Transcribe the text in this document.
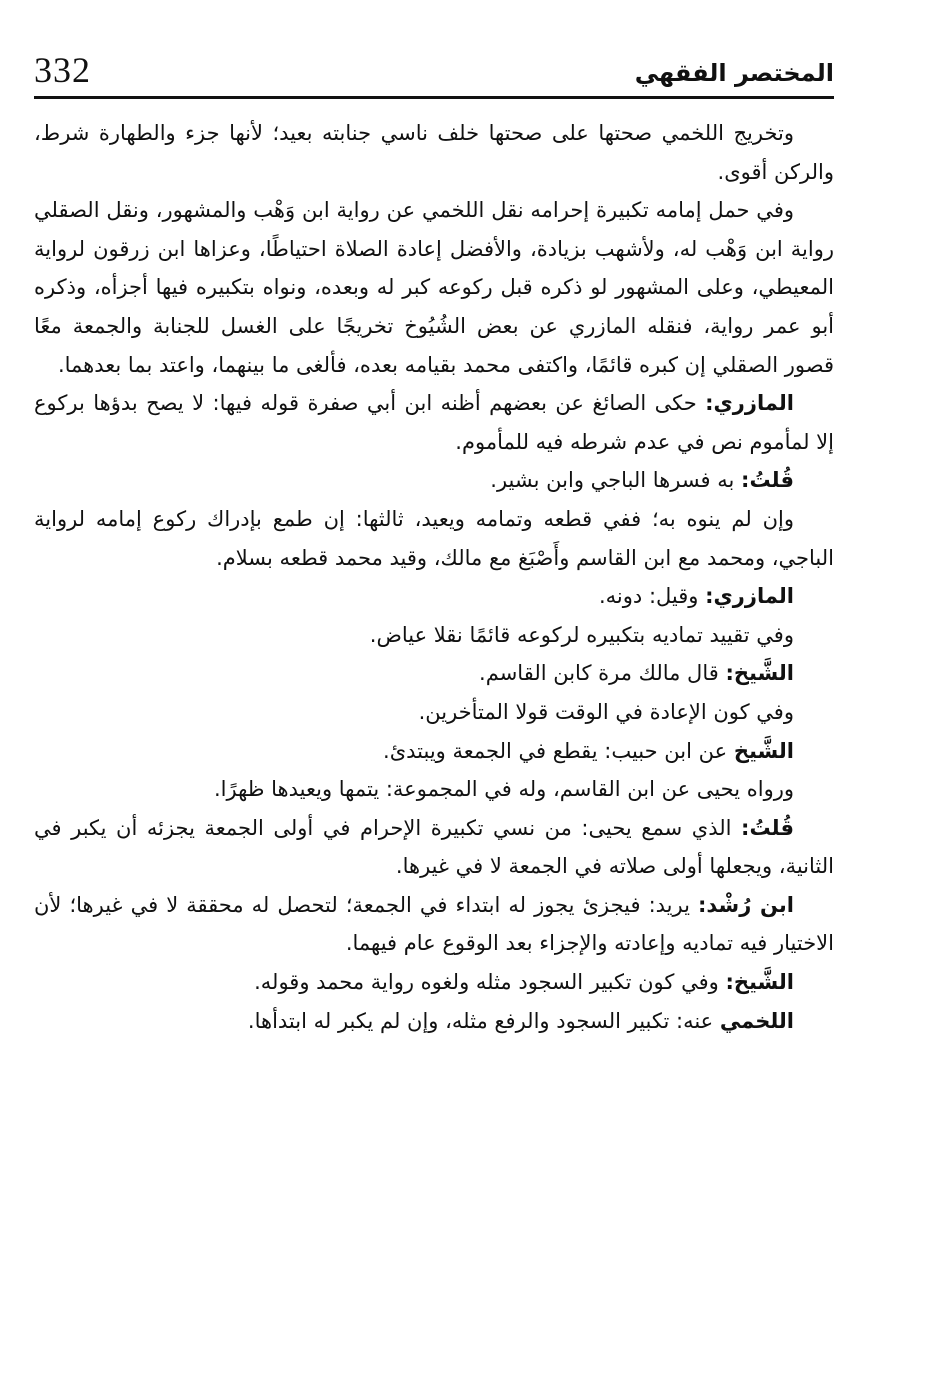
332	المختصر الفقهي

وتخريج اللخمي صحتها على صحتها خلف ناسي جنابته بعيد؛ لأنها جزء والطهارة شرط، والركن أقوى.

وفي حمل إمامه تكبيرة إحرامه نقل اللخمي عن رواية ابن وَهْب والمشهور، ونقل الصقلي رواية ابن وَهْب له، ولأشهب بزيادة، والأفضل إعادة الصلاة احتياطًا، وعزاها ابن زرقون لرواية المعيطي، وعلى المشهور لو ذكره قبل ركوعه كبر له وبعده، ونواه بتكبيره فيها أجزأه، وذكره أبو عمر رواية، فنقله المازري عن بعض الشُيُوخ تخريجًا على الغسل للجنابة والجمعة معًا قصور الصقلي إن كبره قائمًا، واكتفى محمد بقيامه بعده، فألغى ما بينهما، واعتد بما بعدهما.

المازري: حكى الصائغ عن بعضهم أظنه ابن أبي صفرة قوله فيها: لا يصح بدؤها بركوع إلا لمأموم نص في عدم شرطه فيه للمأموم.

قُلتُ: به فسرها الباجي وابن بشير.

وإن لم ينوه به؛ ففي قطعه وتمامه ويعيد، ثالثها: إن طمع بإدراك ركوع إمامه لرواية الباجي، ومحمد مع ابن القاسم وأَصْبَغ مع مالك، وقيد محمد قطعه بسلام.

المازري: وقيل: دونه.

وفي تقييد تماديه بتكبيره لركوعه قائمًا نقلا عياض.

الشَّيخ: قال مالك مرة كابن القاسم.

وفي كون الإعادة في الوقت قولا المتأخرين.

الشَّيخ عن ابن حبيب: يقطع في الجمعة ويبتدئ.

ورواه يحيى عن ابن القاسم، وله في المجموعة: يتمها ويعيدها ظهرًا.

قُلتُ: الذي سمع يحيى: من نسي تكبيرة الإحرام في أولى الجمعة يجزئه أن يكبر في الثانية، ويجعلها أولى صلاته في الجمعة لا في غيرها.

ابن رُشْد: يريد: فيجزئ يجوز له ابتداء في الجمعة؛ لتحصل له محققة لا في غيرها؛ لأن الاختيار فيه تماديه وإعادته والإجزاء بعد الوقوع عام فيهما.

الشَّيخ: وفي كون تكبير السجود مثله ولغوه رواية محمد وقوله.

اللخمي عنه: تكبير السجود والرفع مثله، وإن لم يكبر له ابتدأها.
